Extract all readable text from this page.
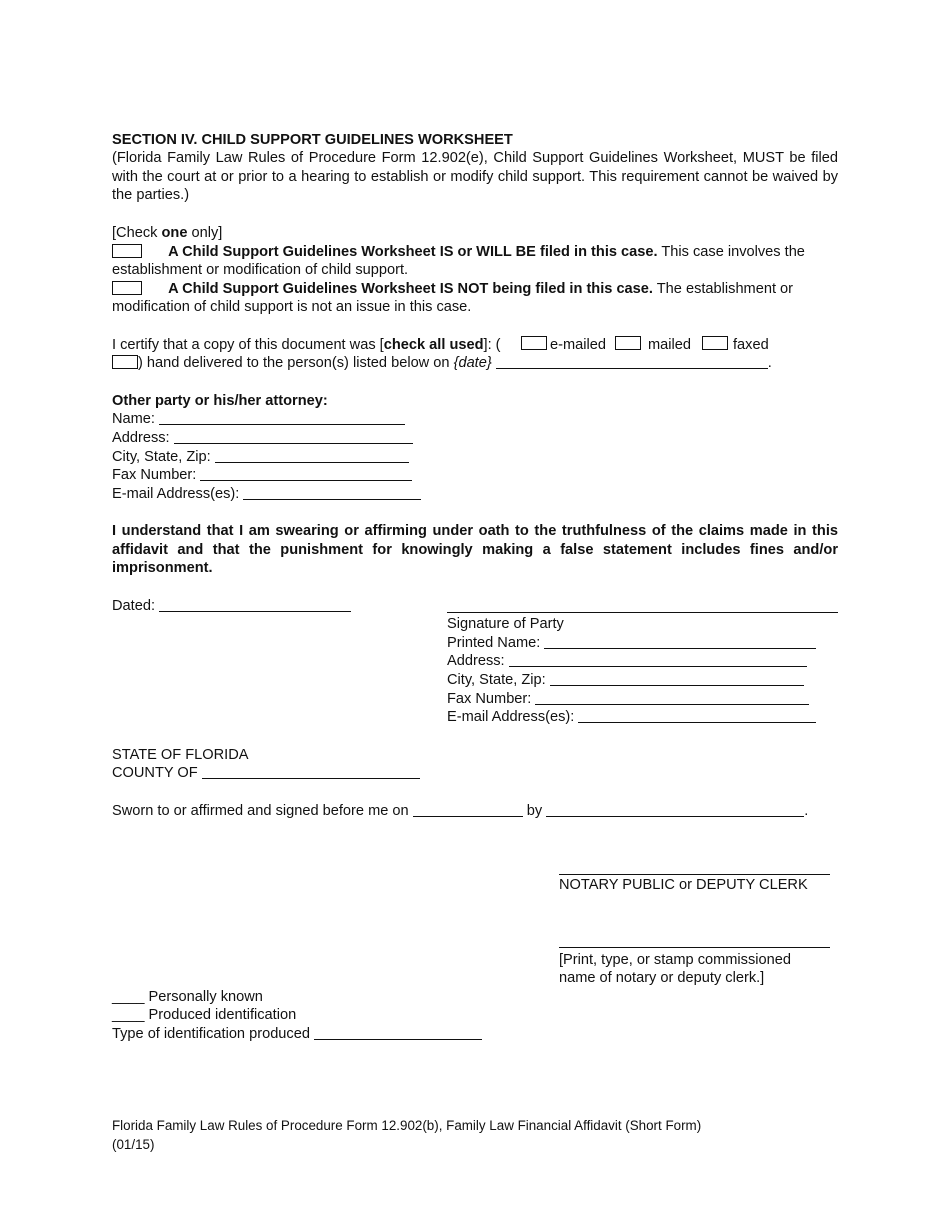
SECTION IV. CHILD SUPPORT GUIDELINES WORKSHEET
(Florida Family Law Rules of Procedure Form 12.902(e), Child Support Guidelines Worksheet, MUST be filed with the court at or prior to a hearing to establish or modify child support. This requirement cannot be waived by the parties.)
[Check one only]
A Child Support Guidelines Worksheet IS or WILL BE filed in this case. This case involves the
establishment or modification of child support.
A Child Support Guidelines Worksheet IS NOT being filed in this case. The establishment or
modification of child support is not an issue in this case.
I certify that a copy of this document was [check all used]: (	e-mailed	mailed	faxed
) hand delivered to the person(s) listed below on {date}	.
Other party or his/her attorney:
Name:
Address:
City, State, Zip:
Fax Number:
E-mail Address(es):
I understand that I am swearing or affirming under oath to the truthfulness of the claims made in this affidavit and that the punishment for knowingly making a false statement includes fines and/or imprisonment.
Dated:
Signature of Party
Printed Name:
Address:
City, State, Zip:
Fax Number:
E-mail Address(es):
STATE OF FLORIDA
COUNTY OF
Sworn to or affirmed and signed before me on	by	.
NOTARY PUBLIC or DEPUTY CLERK
[Print, type, or stamp commissioned
name of notary or deputy clerk.]
____ Personally known
____ Produced identification
Type of identification produced
Florida Family Law Rules of Procedure Form 12.902(b), Family Law Financial Affidavit (Short Form)
(01/15)
